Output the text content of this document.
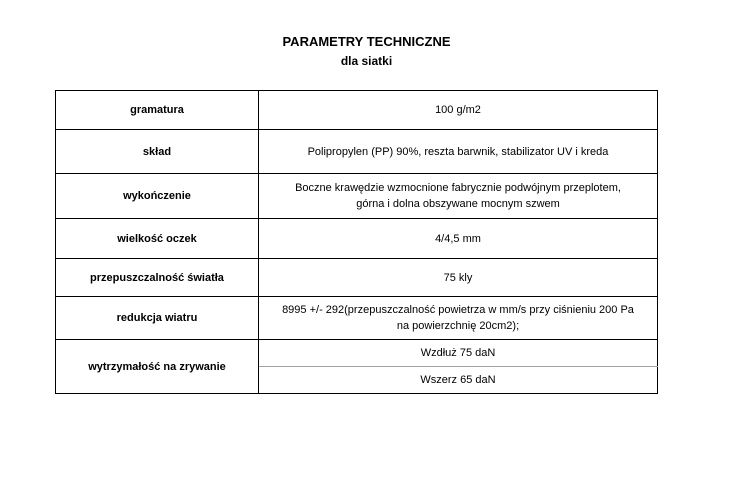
PARAMETRY TECHNICZNE
dla siatki
gramatura	100 g/m2
skład	Polipropylen (PP) 90%, reszta barwnik, stabilizator UV i kreda
wykończenie	Boczne krawędzie wzmocnione fabrycznie podwójnym przeplotem,
górna i dolna obszywane mocnym szwem

wielkość oczek	4/4,5 mm
przepuszczalność światła	75 kly
redukcja wiatru	8995 +/- 292(przepuszczalność powietrza w mm/s przy ciśnieniu 200 Pa
na powierzchnię 20cm2);

wytrzymałość na zrywanie	Wzdłuż 75 daN
	Wszerz 65 daN
